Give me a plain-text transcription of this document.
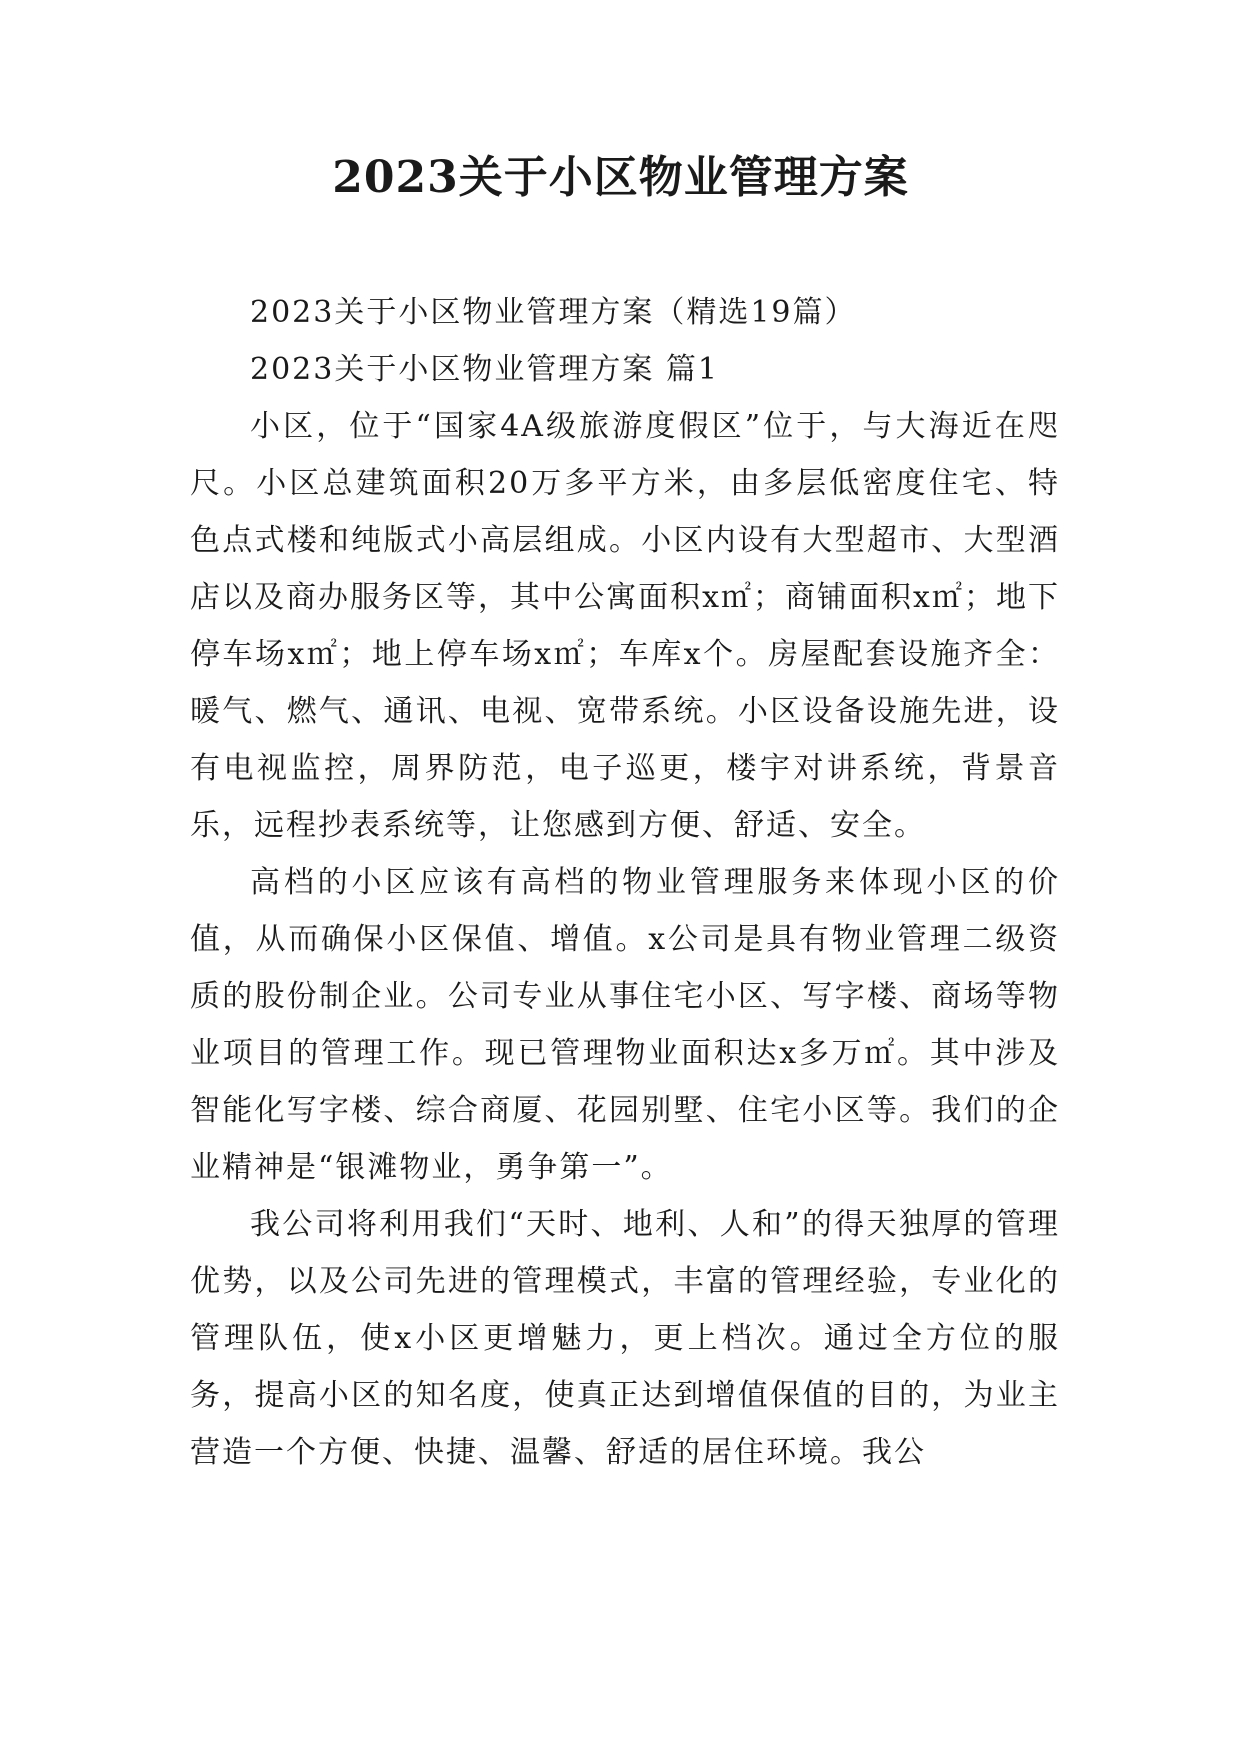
2023关于小区物业管理方案

2023关于小区物业管理方案（精选19篇）

2023关于小区物业管理方案 篇1

小区，位于“国家4A级旅游度假区”位于，与大海近在咫尺。小区总建筑面积20万多平方米，由多层低密度住宅、特色点式楼和纯版式小高层组成。小区内设有大型超市、大型酒店以及商办服务区等，其中公寓面积x㎡；商铺面积x㎡；地下停车场x㎡；地上停车场x㎡；车库x个。房屋配套设施齐全：暖气、燃气、通讯、电视、宽带系统。小区设备设施先进，设有电视监控，周界防范，电子巡更，楼宇对讲系统，背景音乐，远程抄表系统等，让您感到方便、舒适、安全。

高档的小区应该有高档的物业管理服务来体现小区的价值，从而确保小区保值、增值。x公司是具有物业管理二级资质的股份制企业。公司专业从事住宅小区、写字楼、商场等物业项目的管理工作。现已管理物业面积达x多万㎡。其中涉及智能化写字楼、综合商厦、花园别墅、住宅小区等。我们的企业精神是“银滩物业，勇争第一”。

我公司将利用我们“天时、地利、人和”的得天独厚的管理优势，以及公司先进的管理模式，丰富的管理经验，专业化的管理队伍，使x小区更增魅力，更上档次。通过全方位的服务，提高小区的知名度，使真正达到增值保值的目的，为业主营造一个方便、快捷、温馨、舒适的居住环境。我公
